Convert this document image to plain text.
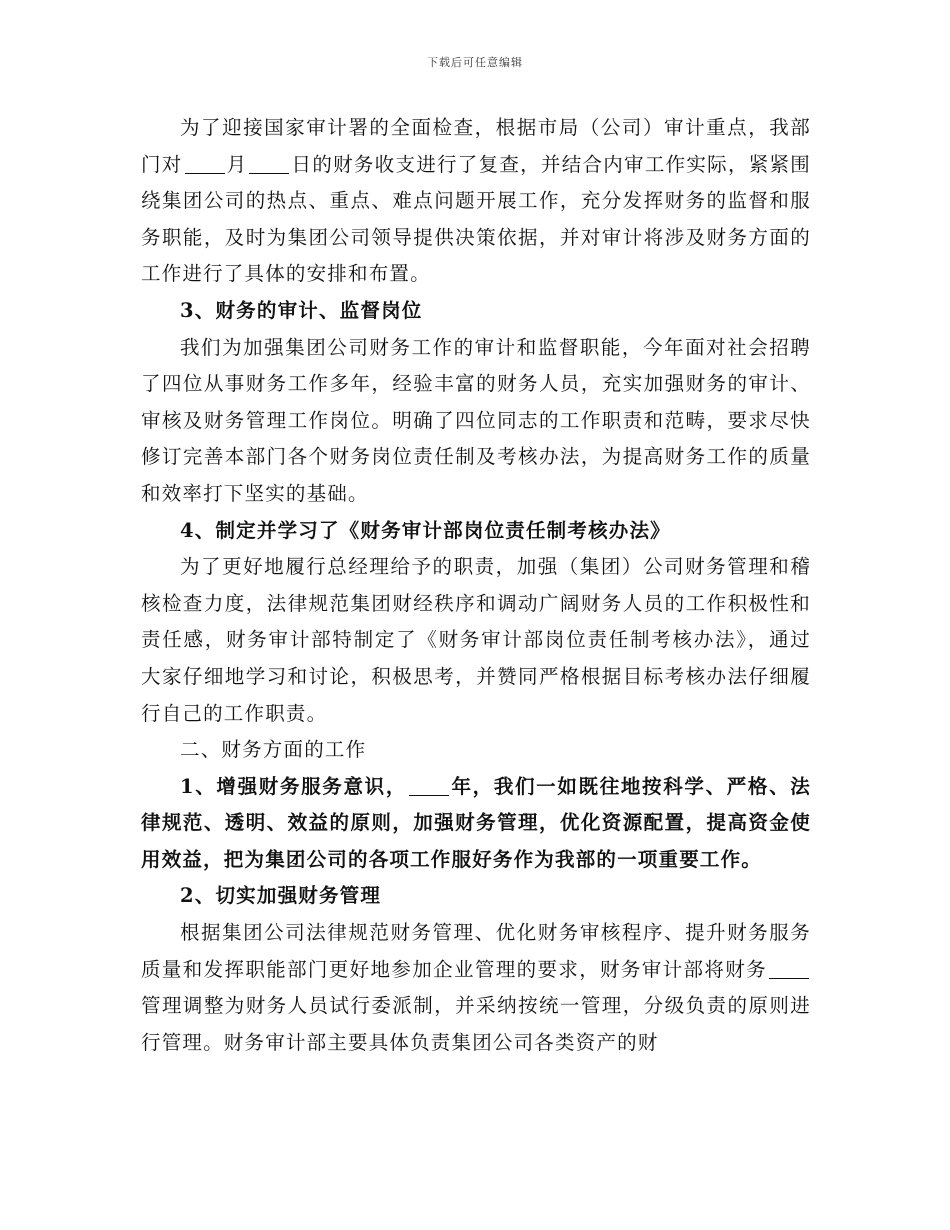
下载后可任意编辑

为了迎接国家审计署的全面检查，根据市局（公司）审计重点，我部门对 月 日的财务收支进行了复查，并结合内审工作实际，紧紧围绕集团公司的热点、重点、难点问题开展工作，充分发挥财务的监督和服务职能，及时为集团公司领导提供决策依据，并对审计将涉及财务方面的工作进行了具体的安排和布置。

3、财务的审计、监督岗位

我们为加强集团公司财务工作的审计和监督职能，今年面对社会招聘了四位从事财务工作多年，经验丰富的财务人员，充实加强财务的审计、审核及财务管理工作岗位。明确了四位同志的工作职责和范畴，要求尽快修订完善本部门各个财务岗位责任制及考核办法，为提高财务工作的质量和效率打下坚实的基础。

4、制定并学习了《财务审计部岗位责任制考核办法》

为了更好地履行总经理给予的职责，加强（集团）公司财务管理和稽核检查力度，法律规范集团财经秩序和调动广阔财务人员的工作积极性和责任感，财务审计部特制定了《财务审计部岗位责任制考核办法》，通过大家仔细地学习和讨论，积极思考，并赞同严格根据目标考核办法仔细履行自己的工作职责。

二、财务方面的工作

1、增强财务服务意识， 年，我们一如既往地按科学、严格、法律规范、透明、效益的原则，加强财务管理，优化资源配置，提高资金使用效益，把为集团公司的各项工作服好务作为我部的一项重要工作。

2、切实加强财务管理

根据集团公司法律规范财务管理、优化财务审核程序、提升财务服务质量和发挥职能部门更好地参加企业管理的要求，财务审计部将财务管理调整为财务人员试行委派制，并采纳按统一管理，分级负责的原则进行管理。财务审计部主要具体负责集团公司各类资产的财
